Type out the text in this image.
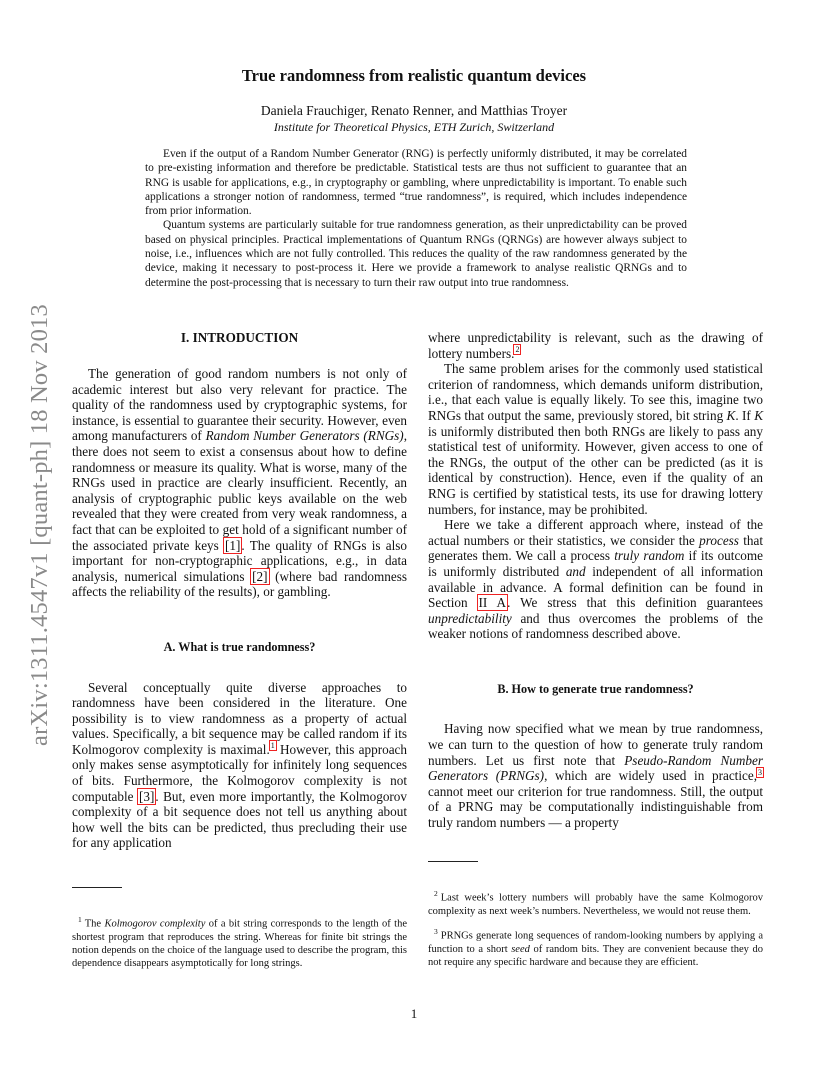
arXiv:1311.4547v1 [quant-ph] 18 Nov 2013
True randomness from realistic quantum devices
Daniela Frauchiger, Renato Renner, and Matthias Troyer
Institute for Theoretical Physics, ETH Zurich, Switzerland

Even if the output of a Random Number Generator (RNG) is perfectly uniformly distributed, it may be correlated to pre-existing information and therefore be predictable. Statistical tests are thus not sufficient to guarantee that an RNG is usable for applications, e.g., in cryptography or gambling, where unpredictability is important. To enable such applications a stronger notion of randomness, termed “true randomness”, is required, which includes independence from prior information.

Quantum systems are particularly suitable for true randomness generation, as their unpredictability can be proved based on physical principles. Practical implementations of Quantum RNGs (QRNGs) are however always subject to noise, i.e., influences which are not fully controlled. This reduces the quality of the raw randomness generated by the device, making it necessary to post-process it. Here we provide a framework to analyse realistic QRNGs and to determine the post-processing that is necessary to turn their raw output into true randomness.

I. INTRODUCTION

The generation of good random numbers is not only of academic interest but also very relevant for practice. The quality of the randomness used by cryptographic systems, for instance, is essential to guarantee their security. However, even among manufacturers of Random Number Generators (RNGs), there does not seem to exist a consensus about how to define randomness or measure its quality. What is worse, many of the RNGs used in practice are clearly insufficient. Recently, an analysis of cryptographic public keys available on the web revealed that they were created from very weak randomness, a fact that can be exploited to get hold of a significant number of the associated private keys [1]. The quality of RNGs is also important for non-cryptographic applications, e.g., in data analysis, numerical simulations [2] (where bad randomness affects the reliability of the results), or gambling.

A. What is true randomness?

Several conceptually quite diverse approaches to randomness have been considered in the literature. One possibility is to view randomness as a property of actual values. Specifically, a bit sequence may be called random if its Kolmogorov complexity is maximal.$^1$ However, this approach only makes sense asymptotically for infinitely long sequences of bits. Furthermore, the Kolmogorov complexity is not computable [3]. But, even more importantly, the Kolmogorov complexity of a bit sequence does not tell us anything about how well the bits can be predicted, thus precluding their use for any application

where unpredictability is relevant, such as the drawing of lottery numbers.$^2$

The same problem arises for the commonly used statistical criterion of randomness, which demands uniform distribution, i.e., that each value is equally likely. To see this, imagine two RNGs that output the same, previously stored, bit string K. If K is uniformly distributed then both RNGs are likely to pass any statistical test of uniformity. However, given access to one of the RNGs, the output of the other can be predicted (as it is identical by construction). Hence, even if the quality of an RNG is certified by statistical tests, its use for drawing lottery numbers, for instance, may be prohibited.

Here we take a different approach where, instead of the actual numbers or their statistics, we consider the process that generates them. We call a process truly random if its outcome is uniformly distributed and independent of all information available in advance. A formal definition can be found in Section II A. We stress that this definition guarantees unpredictability and thus overcomes the problems of the weaker notions of randomness described above.

B. How to generate true randomness?

Having now specified what we mean by true randomness, we can turn to the question of how to generate truly random numbers. Let us first note that Pseudo-Random Number Generators (PRNGs), which are widely used in practice,$^3$ cannot meet our criterion for true randomness. Still, the output of a PRNG may be computationally indistinguishable from truly random numbers — a property

$^1$ The Kolmogorov complexity of a bit string corresponds to the length of the shortest program that reproduces the string. Whereas for finite bit strings the notion depends on the choice of the language used to describe the program, this dependence disappears asymptotically for long strings.
$^2$ Last week’s lottery numbers will probably have the same Kolmogorov complexity as next week’s numbers. Nevertheless, we would not reuse them.
$^3$ PRNGs generate long sequences of random-looking numbers by applying a function to a short seed of random bits. They are convenient because they do not require any specific hardware and because they are efficient.
1
